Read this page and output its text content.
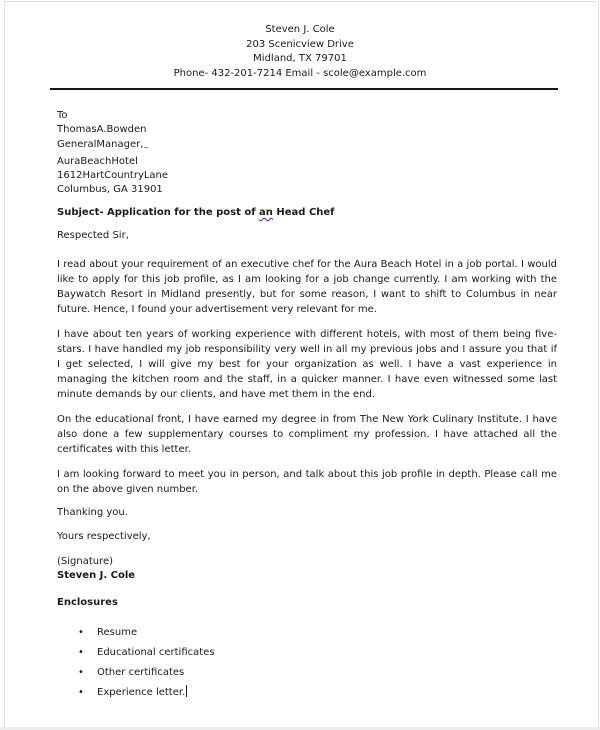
Steven J. Cole
203 Scenicview Drive
Midland, TX 79701
Phone- 432-201-7214 Email - scole@example.com
To
ThomasA.Bowden
$GeneralManager,_\sim$
AuraBeachHotel
1612HartCountryLane
Columbus, GA 31901
Subject- Application for the post of an Head Chef
Respected Sir,

I read about your requirement of an executive chef for the Aura Beach Hotel in a job portal. I would like to apply for this job profile, as I am looking for a job change currently. I am working with the Baywatch Resort in Midland presently, but for some reason, I want to shift to Columbus in near future. Hence, I found your advertisement very relevant for me.

I have about ten years of working experience with different hotels, with most of them being five-stars. I have handled my job responsibility very well in all my previous jobs and I assure you that if I get selected, I will give my best for your organization as well. I have a vast experience in managing the kitchen room and the staff, in a quicker manner. I have even witnessed some last minute demands by our clients, and have met them in the end.

On the educational front, I have earned my degree in from The New York Culinary Institute. I have also done a few supplementary courses to compliment my profession. I have attached all the certificates with this letter.

I am looking forward to meet you in person, and talk about this job profile in depth. Please call me on the above given number.

Thanking you.
Yours respectively,
(Signature)
Steven J. Cole
Enclosures
• Resume
• Educational certificates
• Other certificates
• Experience letter.
